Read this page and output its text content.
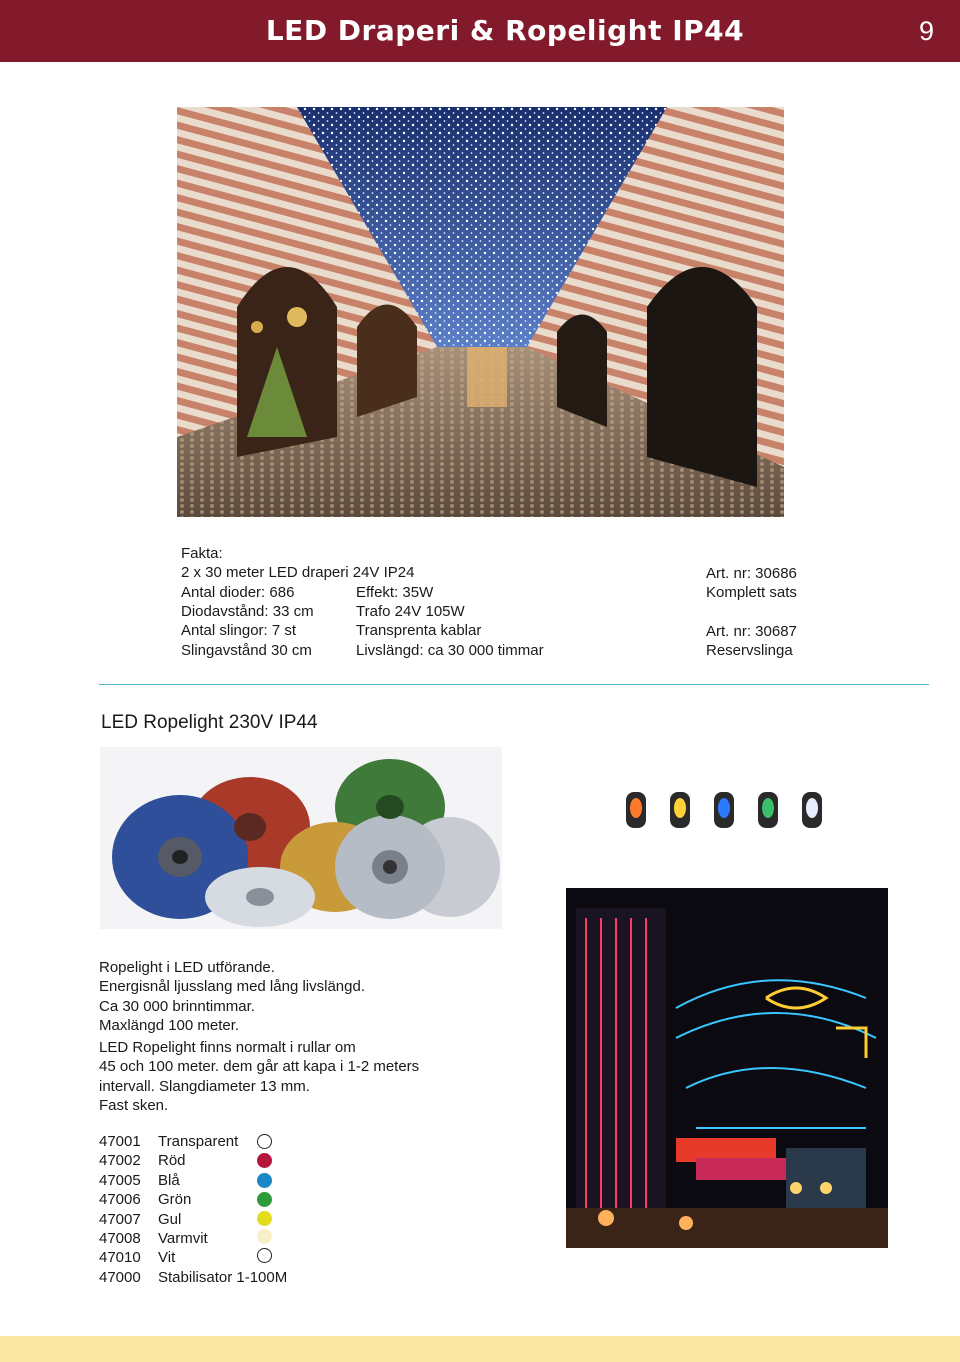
LED Draperi & Ropelight IP44	9
Fakta:
2 x 30 meter LED draperi 24V IP24
Antal dioder: 686
Diodavstånd: 33 cm
Antal slingor: 7 st
Slingavstånd 30 cm
Effekt: 35W
Trafo 24V 105W
Transprenta kablar
Livslängd: ca 30 000 timmar
Art. nr: 30686
Komplett sats
Art. nr: 30687
Reservslinga
LED Ropelight 230V IP44
Ropelight i LED utförande.
Energisnål ljusslang med lång livslängd.
Ca 30 000 brinntimmar.
Maxlängd 100 meter.
LED Ropelight finns normalt i rullar om
45 och 100 meter. dem går att kapa i 1-2 meters
intervall. Slangdiameter 13 mm.
Fast sken.
47001 Transparent
47002 Röd
47005 Blå
47006 Grön
47007 Gul
47008 Varmvit
47010 Vit
47000 Stabilisator 1-100M
